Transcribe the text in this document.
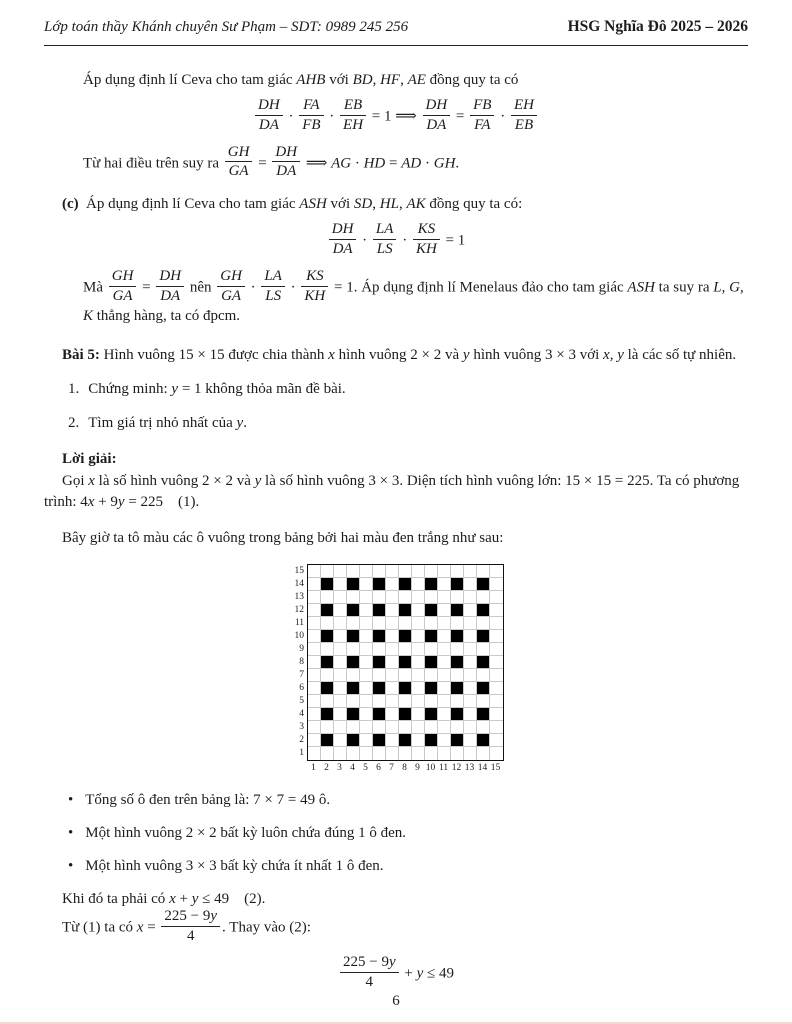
Lớp toán thầy Khánh chuyên Sư Phạm – SDT: 0989 245 256	HSG Nghĩa Đô 2025 – 2026

Áp dụng định lí Ceva cho tam giác AHB với BD, HF, AE đồng quy ta có

$\frac{DH}{DA} \cdot \frac{FA}{FB} \cdot \frac{EB}{EH} = 1$ ⟹ $\frac{DH}{DA} = \frac{FB}{FA} \cdot \frac{EH}{EB}$

Từ hai điều trên suy ra $\frac{GH}{GA} = \frac{DH}{DA}$ ⟹ AG · HD = AD · GH.

(c) Áp dụng định lí Ceva cho tam giác ASH với SD, HL, AK đồng quy ta có:
$\frac{DH}{DA} \cdot \frac{LA}{LS} \cdot \frac{KS}{KH} = 1$

Mà $\frac{GH}{GA} = \frac{DH}{DA}$ nên $\frac{GH}{GA} \cdot \frac{LA}{LS} \cdot \frac{KS}{KH} = 1$. Áp dụng định lí Menelaus đảo cho tam giác ASH ta suy ra L, G, K thẳng hàng, ta có đpcm.

Bài 5: Hình vuông 15 × 15 được chia thành x hình vuông 2 × 2 và y hình vuông 3 × 3 với x, y là các số tự nhiên.

1. Chứng minh: y = 1 không thỏa mãn đề bài.
2. Tìm giá trị nhỏ nhất của y.

Lời giải:

Gọi x là số hình vuông 2 × 2 và y là số hình vuông 3 × 3. Diện tích hình vuông lớn: 15 × 15 = 225. Ta có phương trình: 4x + 9y = 225  (1).

Bây giờ ta tô màu các ô vuông trong bảng bởi hai màu đen trắng như sau:

15
14
13
12
11
10
9
8
7
6
5
4
3
2
1
1 2 3 4 5 6 7 8 9 10 11 12 13 14 15
• Tổng số ô đen trên bảng là: 7 × 7 = 49 ô.
• Một hình vuông 2 × 2 bất kỳ luôn chứa đúng 1 ô đen.
• Một hình vuông 3 × 3 bất kỳ chứa ít nhất 1 ô đen.

Khi đó ta phải có x + y ≤ 49  (2).

Từ (1) ta có $x = \frac{225 - 9y}{4}$ . Thay vào (2):

$\frac{225 - 9y}{4} + y \le 49$
6
